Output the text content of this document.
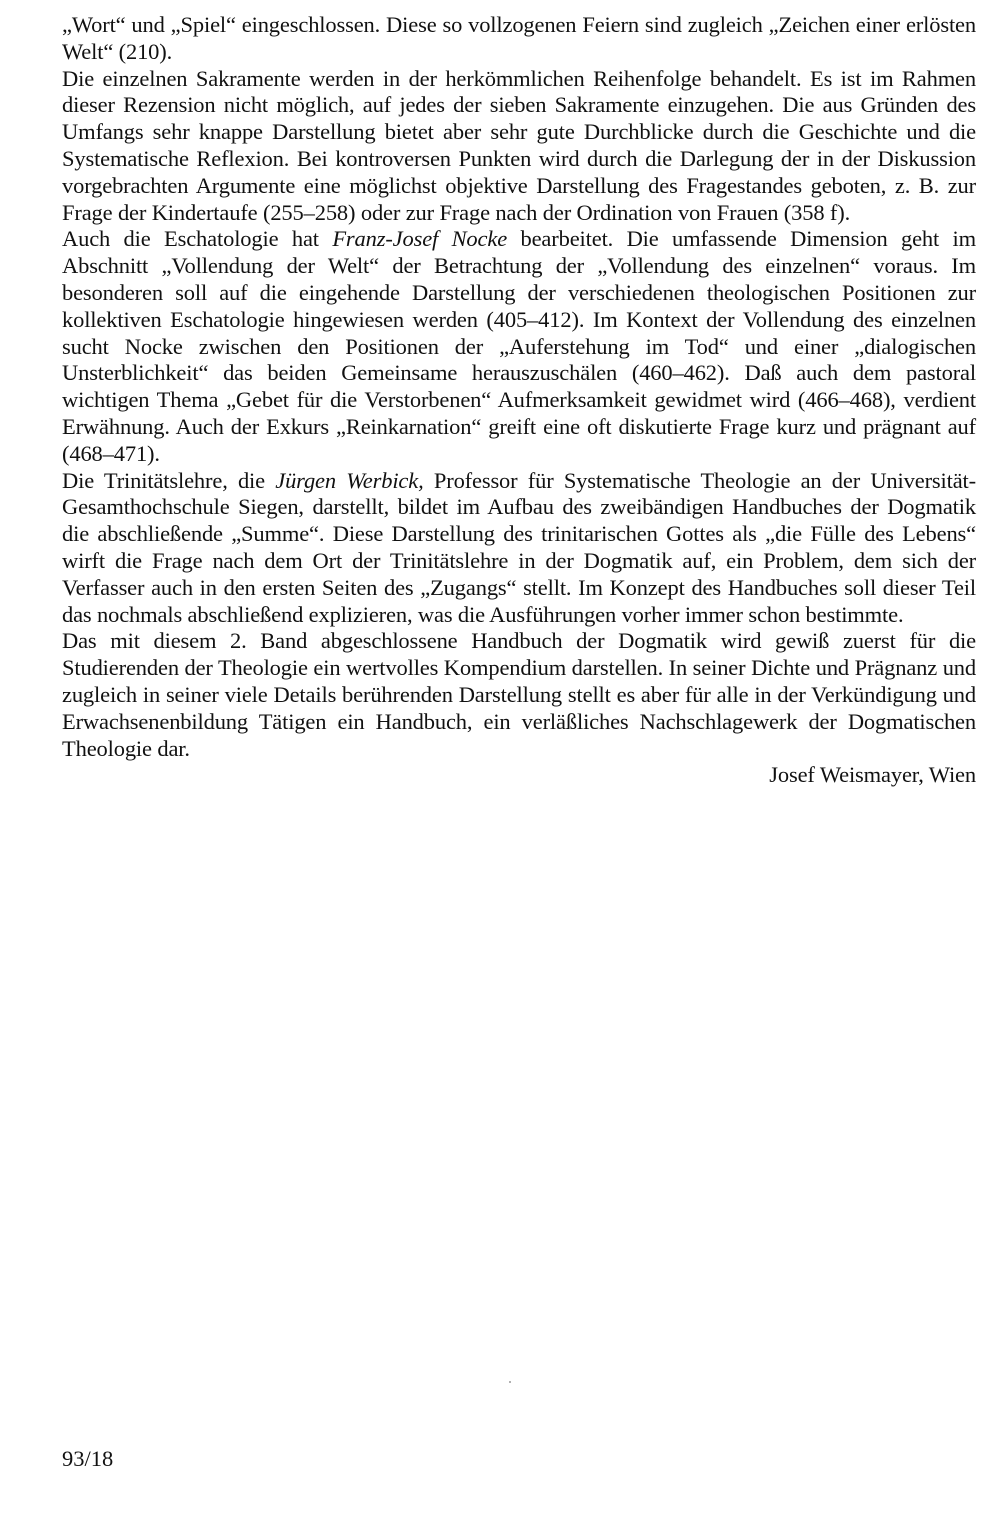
„Wort“ und „Spiel“ eingeschlossen. Diese so vollzogenen Feiern sind zugleich „Zeichen einer erlösten Welt“ (210).

Die einzelnen Sakramente werden in der herkömmlichen Reihenfolge behandelt. Es ist im Rahmen dieser Rezension nicht möglich, auf jedes der sieben Sakramente einzugehen. Die aus Gründen des Umfangs sehr knappe Darstellung bietet aber sehr gute Durchblicke durch die Geschichte und die Systematische Reflexion. Bei kontroversen Punkten wird durch die Darlegung der in der Diskussion vorgebrachten Argumente eine möglichst objektive Darstellung des Fragestandes geboten, z. B. zur Frage der Kindertaufe (255–258) oder zur Frage nach der Ordination von Frauen (358 f).

Auch die Eschatologie hat Franz-Josef Nocke bearbeitet. Die umfassende Dimension geht im Abschnitt „Vollendung der Welt“ der Betrachtung der „Vollendung des einzelnen“ voraus. Im besonderen soll auf die eingehende Darstellung der verschiedenen theologischen Positionen zur kollektiven Eschatologie hingewiesen werden (405–412). Im Kontext der Vollendung des einzelnen sucht Nocke zwischen den Positionen der „Auferstehung im Tod“ und einer „dialogischen Unsterblichkeit“ das beiden Gemeinsame herauszuschälen (460–462). Daß auch dem pastoral wichtigen Thema „Gebet für die Verstorbenen“ Aufmerksamkeit gewidmet wird (466–468), verdient Erwähnung. Auch der Exkurs „Reinkarnation“ greift eine oft diskutierte Frage kurz und prägnant auf (468–471).

Die Trinitätslehre, die Jürgen Werbick, Professor für Systematische Theologie an der Universität-Gesamthochschule Siegen, darstellt, bildet im Aufbau des zweibändigen Handbuches der Dogmatik die abschließende „Summe“. Diese Darstellung des trinitarischen Gottes als „die Fülle des Lebens“ wirft die Frage nach dem Ort der Trinitätslehre in der Dogmatik auf, ein Problem, dem sich der Verfasser auch in den ersten Seiten des „Zugangs“ stellt. Im Konzept des Handbuches soll dieser Teil das nochmals abschließend explizieren, was die Ausführungen vorher immer schon bestimmte.

Das mit diesem 2. Band abgeschlossene Handbuch der Dogmatik wird gewiß zuerst für die Studierenden der Theologie ein wertvolles Kompendium darstellen. In seiner Dichte und Prägnanz und zugleich in seiner viele Details berührenden Darstellung stellt es aber für alle in der Verkündigung und Erwachsenenbildung Tätigen ein Handbuch, ein verläßliches Nachschlagewerk der Dogmatischen Theologie dar.

Josef Weismayer, Wien

93/18
